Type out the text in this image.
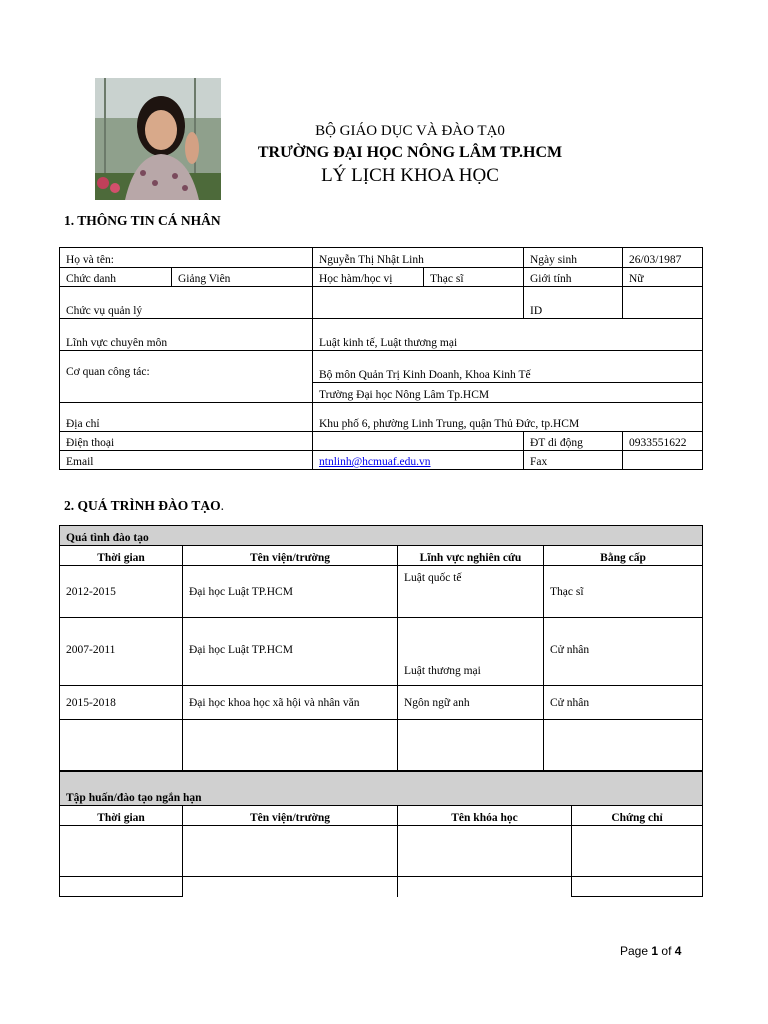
BỘ GIÁO DỤC VÀ ĐÀO TẠ0
TRƯỜNG ĐẠI HỌC NÔNG LÂM TP.HCM
LÝ LỊCH KHOA HỌC
1. THÔNG TIN CÁ NHÂN
Họ và tên:		Nguyễn Thị Nhật Linh		Ngày sinh	26/03/1987
Chức danh	Giảng Viên	Học hàm/học vị	Thạc sĩ	Giới tính	Nữ
Chức vụ quản lý				ID	
Lĩnh vực chuyên môn		Luật kinh tế, Luật thương mại			
Cơ quan công tác:		Bộ môn Quản Trị Kinh Doanh, Khoa Kinh Tế			
		Trường Đại học Nông Lâm Tp.HCM			
Địa chỉ		Khu phố 6, phường Linh Trung, quận Thủ Đức, tp.HCM			
Điện thoại				ĐT di động	0933551622
Email		ntnlinh@hcmuaf.edu.vn		Fax	
2. QUÁ TRÌNH ĐÀO TẠO.
Quá tình đào tạo			
Thời gian	Tên viện/trường	Lĩnh vực nghiên cứu	Bằng cấp
2012-2015	Đại học Luật TP.HCM	Luật quốc tế	Thạc sĩ
2007-2011	Đại học Luật TP.HCM	Luật thương mại	Cử nhân
2015-2018	Đại học khoa học xã hội và nhân văn	Ngôn ngữ anh	Cử nhân

Tập huấn/đào tạo ngắn hạn			
Thời gian	Tên viện/trường	Tên khóa học	Chứng chỉ

Page 1 of 4
